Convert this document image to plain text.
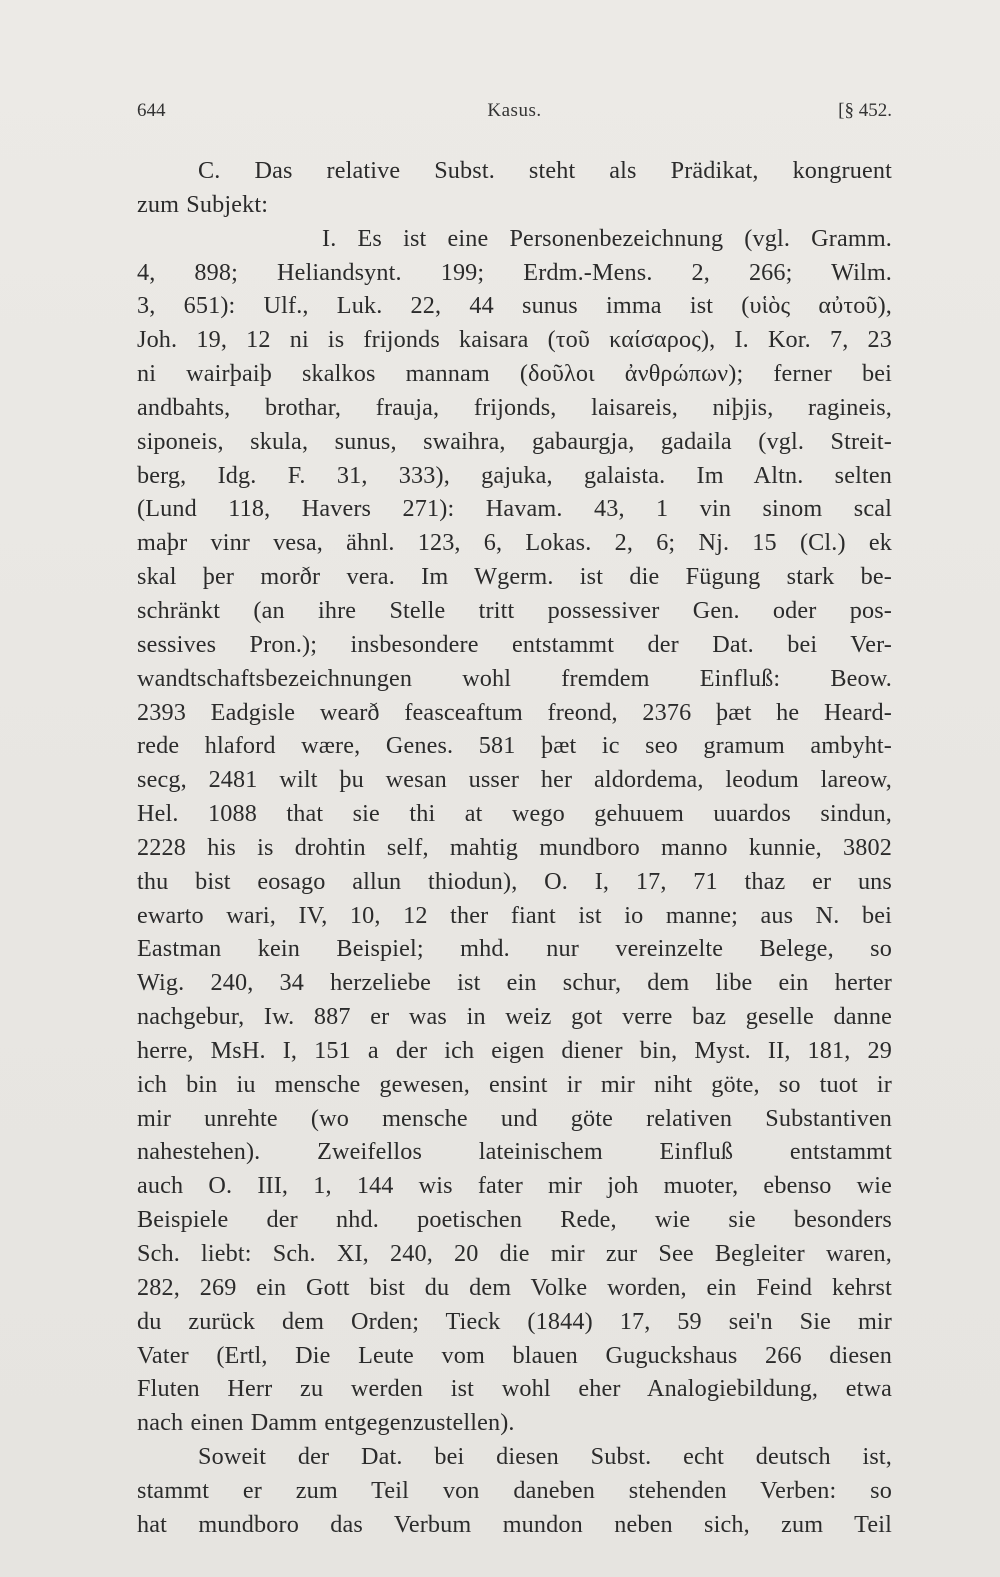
644	Kasus.	[§ 452.
C. Das relative Subst. steht als Prädikat, kongruent
zum Subjekt:
I. Es ist eine Personenbezeichnung (vgl. Gramm.
4, 898; Heliandsynt. 199; Erdm.-Mens. 2, 266; Wilm.
3, 651): Ulf., Luk. 22, 44 sunus imma ist (υἱὸς αὐτοῦ),
Joh. 19, 12 ni is frijonds kaisara (τοῦ καίσαρος), I. Kor. 7, 23
ni wairþaiþ skalkos mannam (δοῦλοι ἀνθρώπων); ferner bei
andbahts, brothar, frauja, frijonds, laisareis, niþjis, ragineis,
siponeis, skula, sunus, swaihra, gabaurgja, gadaila (vgl. Streit-
berg, Idg. F. 31, 333), gajuka, galaista. Im Altn. selten
(Lund 118, Havers 271): Havam. 43, 1 vin sinom scal
maþr vinr vesa, ähnl. 123, 6, Lokas. 2, 6; Nj. 15 (Cl.) ek
skal þer morðr vera. Im Wgerm. ist die Fügung stark be-
schränkt (an ihre Stelle tritt possessiver Gen. oder pos-
sessives Pron.); insbesondere entstammt der Dat. bei Ver-
wandtschaftsbezeichnungen wohl fremdem Einfluß: Beow.
2393 Eadgisle wearð feasceaftum freond, 2376 þæt he Heard-
rede hlaford wære, Genes. 581 þæt ic seo gramum ambyht-
secg, 2481 wilt þu wesan usser her aldordema, leodum lareow,
Hel. 1088 that sie thi at wego gehuuem uuardos sindun,
2228 his is drohtin self, mahtig mundboro manno kunnie, 3802
thu bist eosago allun thiodun), O. I, 17, 71 thaz er uns
ewarto wari, IV, 10, 12 ther fiant ist io manne; aus N. bei
Eastman kein Beispiel; mhd. nur vereinzelte Belege, so
Wig. 240, 34 herzeliebe ist ein schur, dem libe ein herter
nachgebur, Iw. 887 er was in weiz got verre baz geselle danne
herre, MsH. I, 151 a der ich eigen diener bin, Myst. II, 181, 29
ich bin iu mensche gewesen, ensint ir mir niht göte, so tuot ir
mir unrehte (wo mensche und göte relativen Substantiven
nahestehen). Zweifellos lateinischem Einfluß entstammt
auch O. III, 1, 144 wis fater mir joh muoter, ebenso wie
Beispiele der nhd. poetischen Rede, wie sie besonders
Sch. liebt: Sch. XI, 240, 20 die mir zur See Begleiter waren,
282, 269 ein Gott bist du dem Volke worden, ein Feind kehrst
du zurück dem Orden; Tieck (1844) 17, 59 sei'n Sie mir
Vater (Ertl, Die Leute vom blauen Guguckshaus 266 diesen
Fluten Herr zu werden ist wohl eher Analogiebildung, etwa
nach einen Damm entgegenzustellen).
Soweit der Dat. bei diesen Subst. echt deutsch ist,
stammt er zum Teil von daneben stehenden Verben: so
hat mundboro das Verbum mundon neben sich, zum Teil
